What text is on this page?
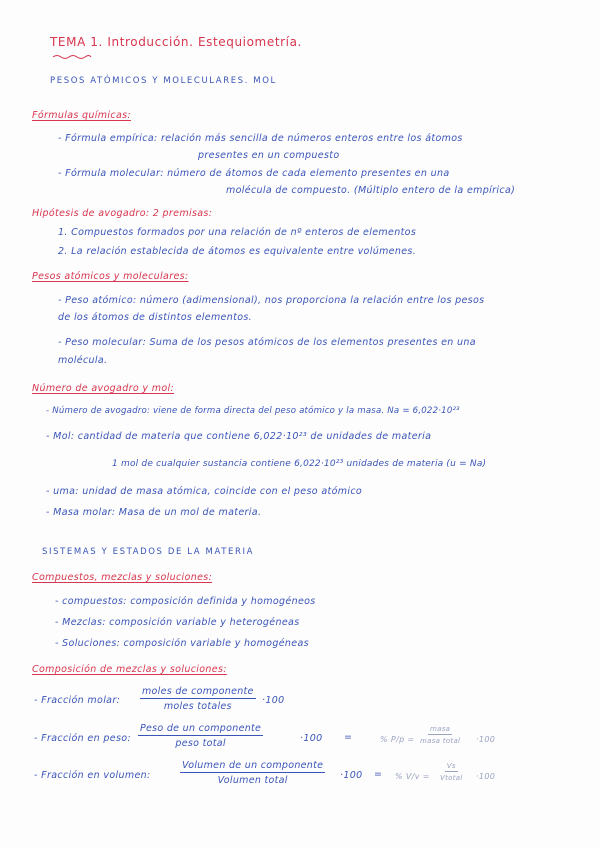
TEMA 1. Introducción. Estequiometría.
PESOS ATÓMICOS Y MOLECULARES. MOL
Fórmulas químicas:
- Fórmula empírica: relación más sencilla de números enteros entre los átomos
presentes en un compuesto
- Fórmula molecular: número de átomos de cada elemento presentes en una
molécula de compuesto. (Múltiplo entero de la empírica)
Hipótesis de avogadro: 2 premisas:
1. Compuestos formados por una relación de nº enteros de elementos
2. La relación establecida de átomos es equivalente entre volúmenes.
Pesos atómicos y moleculares:
- Peso atómico: número (adimensional), nos proporciona la relación entre los pesos
de los átomos de distintos elementos.
- Peso molecular: Suma de los pesos atómicos de los elementos presentes en una
molécula.
Número de avogadro y mol:
- Número de avogadro: viene de forma directa del peso atómico y la masa. Na = 6,022·10²³
- Mol: cantidad de materia que contiene 6,022·10²³ de unidades de materia
1 mol de cualquier sustancia contiene 6,022·10²³ unidades de materia (u = Na)
- uma: unidad de masa atómica, coincide con el peso atómico
- Masa molar: Masa de un mol de materia.
SISTEMAS Y ESTADOS DE LA MATERIA
Compuestos, mezclas y soluciones:
- compuestos: composición definida y homogéneos
- Mezclas: composición variable y heterogéneas
- Soluciones: composición variable y homogéneas
Composición de mezclas y soluciones:
- Fracción molar:
moles de componente
moles totales
·100
- Fracción en peso:
Peso de un componente
peso total	·100 =	% P/p =
masa
masa total ·100
- Fracción en volumen:
Volumen de un componente
Volumen total	·100 = % V/v =
Vs
Vtotal ·100
